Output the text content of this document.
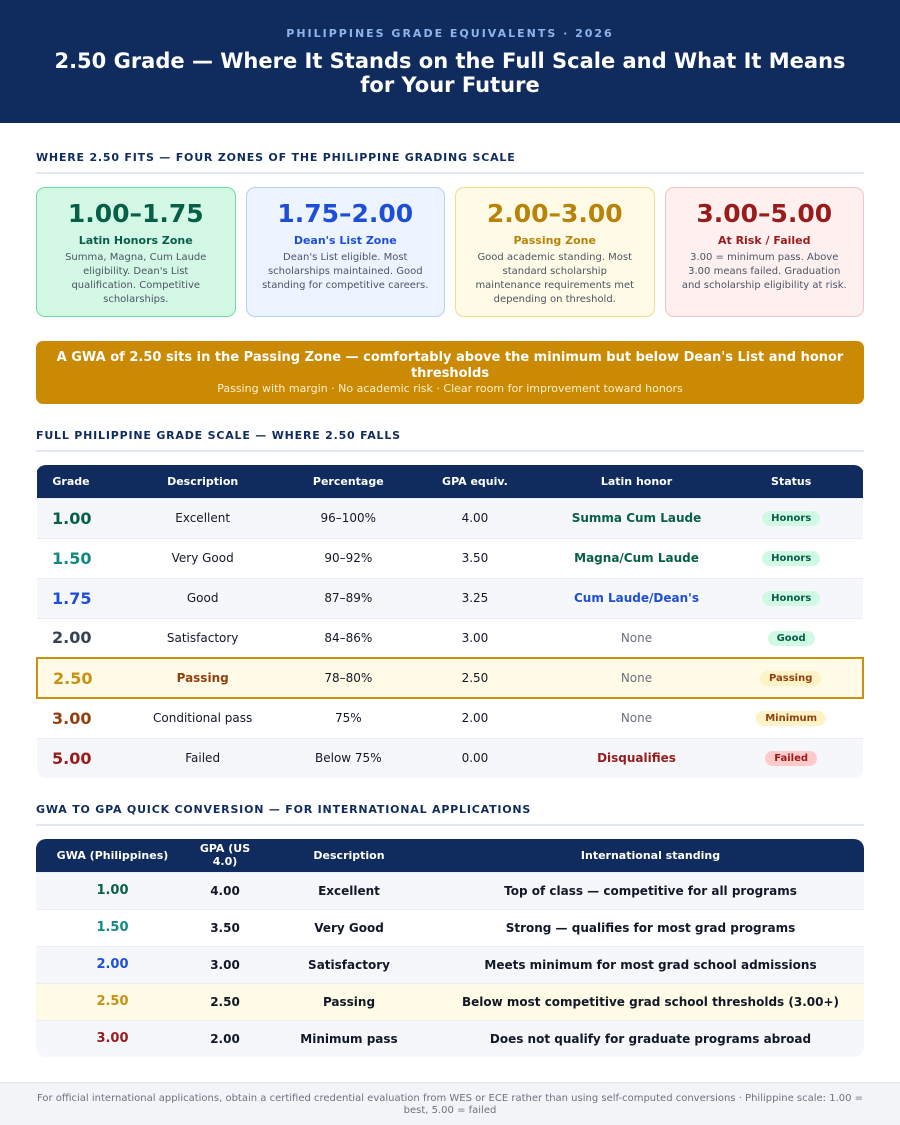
PHILIPPINES GRADE EQUIVALENTS · 2026
2.50 Grade — Where It Stands on the Full Scale and What It Means for Your Future
WHERE 2.50 FITS — FOUR ZONES OF THE PHILIPPINE GRADING SCALE
1.00–1.75
Latin Honors Zone
Summa, Magna, Cum Laude eligibility. Dean's List qualification. Competitive scholarships.
1.75–2.00
Dean's List Zone
Dean's List eligible. Most scholarships maintained. Good standing for competitive careers.
2.00–3.00
Passing Zone
Good academic standing. Most standard scholarship maintenance requirements met depending on threshold.
3.00–5.00
At Risk / Failed
3.00 = minimum pass. Above 3.00 means failed. Graduation and scholarship eligibility at risk.
A GWA of 2.50 sits in the Passing Zone — comfortably above the minimum but below Dean's List and honor thresholds
Passing with margin · No academic risk · Clear room for improvement toward honors
FULL PHILIPPINE GRADE SCALE — WHERE 2.50 FALLS
Grade	Description	Percentage	GPA equiv.	Latin honor	Status
1.00	Excellent	96–100%	4.00	Summa Cum Laude	Honors
1.50	Very Good	90–92%	3.50	Magna/Cum Laude	Honors
1.75	Good	87–89%	3.25	Cum Laude/Dean's	Honors
2.00	Satisfactory	84–86%	3.00	None	Good
2.50	Passing	78–80%	2.50	None	Passing
3.00	Conditional pass	75%	2.00	None	Minimum
5.00	Failed	Below 75%	0.00	Disqualifies	Failed
GWA TO GPA QUICK CONVERSION — FOR INTERNATIONAL APPLICATIONS
GWA (Philippines)	GPA (US 4.0)	Description	International standing
1.00	4.00	Excellent	Top of class — competitive for all programs
1.50	3.50	Very Good	Strong — qualifies for most grad programs
2.00	3.00	Satisfactory	Meets minimum for most grad school admissions
2.50	2.50	Passing	Below most competitive grad school thresholds (3.00+)
3.00	2.00	Minimum pass	Does not qualify for graduate programs abroad
For official international applications, obtain a certified credential evaluation from WES or ECE rather than using self-computed conversions · Philippine scale: 1.00 = best, 5.00 = failed
